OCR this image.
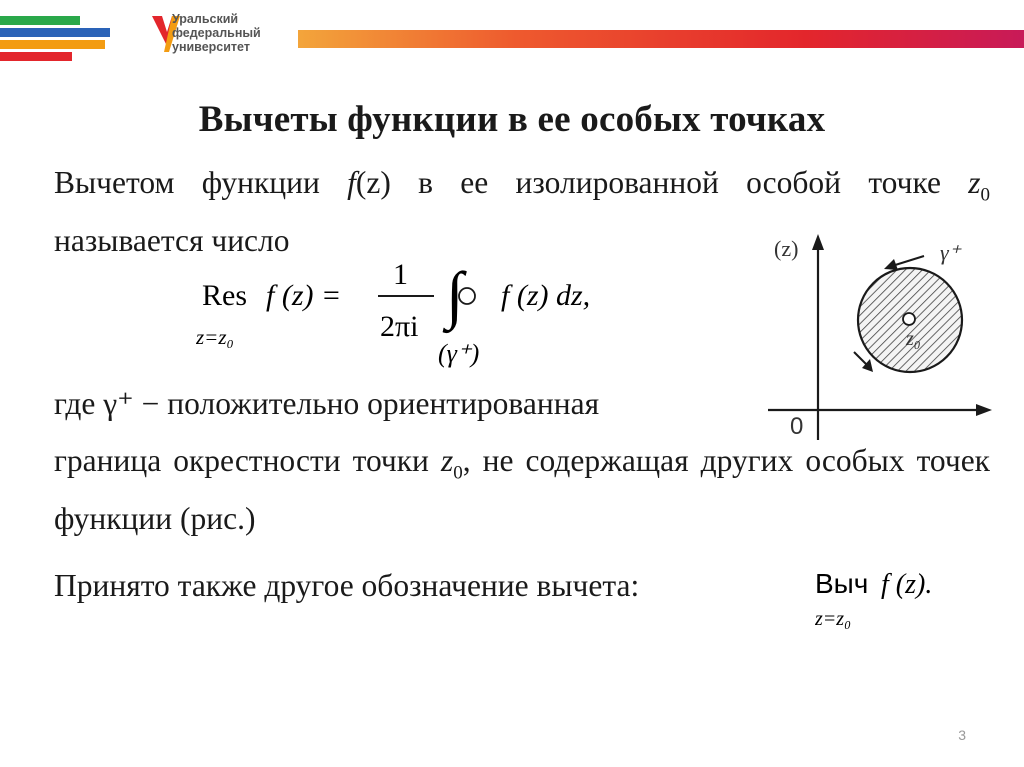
Уральский
федеральный
университет
Вычеты функции в ее особых точках
Вычетом функции f(z) в ее изолированной особой точке $z_0$ называется число
Res f (z) =
z=z₀
1
2πi ∫
(γ⁺)
f (z) dz,
где γ⁺ − положительно ориентированная
граница окрестности точки $z_0$, не содержащая других особых точек функции (рис.)
Принято также другое обозначение вычета:	Выч f (z).
z=z₀
(z)
0
z₀
γ⁺
3
